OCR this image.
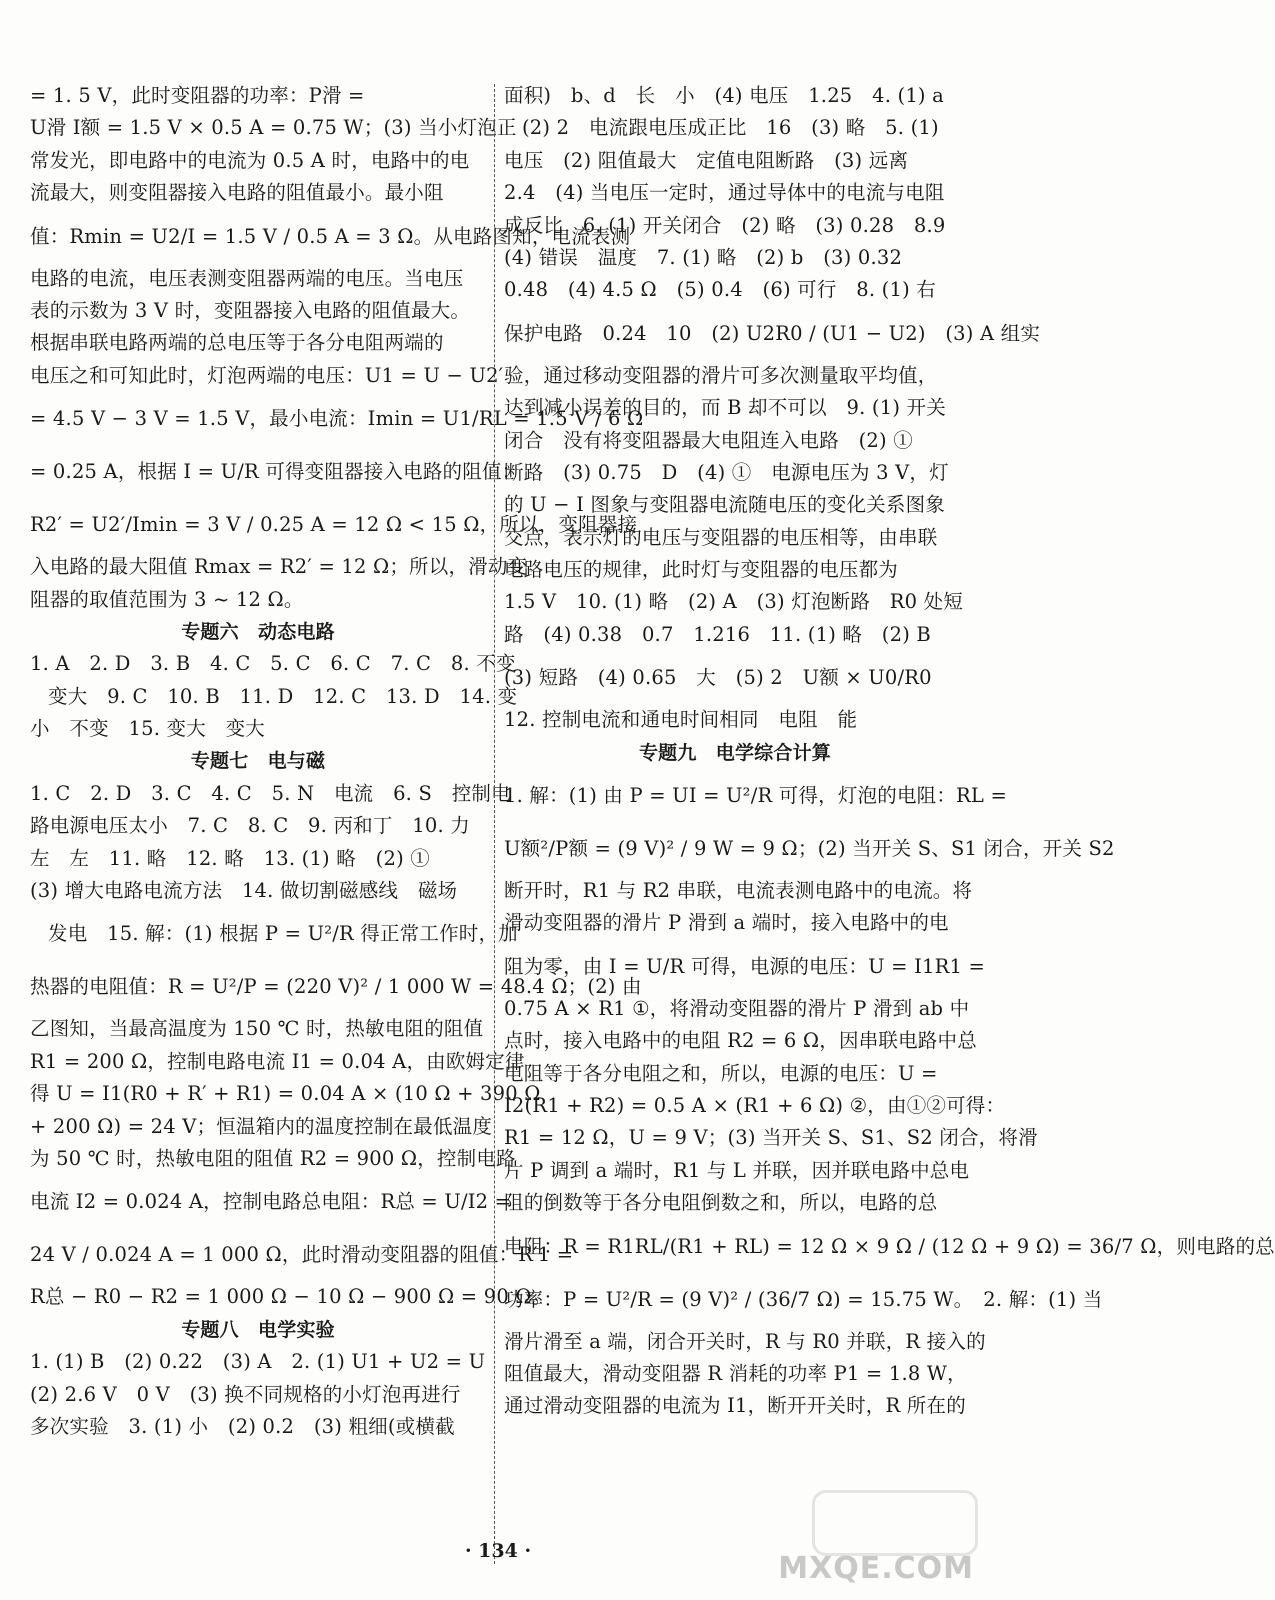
= 1. 5 V，此时变阻器的功率：P滑 =
U滑 I额 = 1.5 V × 0.5 A = 0.75 W；(3) 当小灯泡正
常发光，即电路中的电流为 0.5 A 时，电路中的电
流最大，则变阻器接入电路的阻值最小。最小阻
值：Rmin = U2/I = 1.5 V / 0.5 A = 3 Ω。从电路图知，电流表测
电路的电流，电压表测变阻器两端的电压。当电压
表的示数为 3 V 时，变阻器接入电路的阻值最大。
根据串联电路两端的总电压等于各分电阻两端的
电压之和可知此时，灯泡两端的电压：U1 = U − U2′
= 4.5 V − 3 V = 1.5 V，最小电流：Imin = U1/RL = 1.5 V / 6 Ω
= 0.25 A，根据 I = U/R 可得变阻器接入电路的阻值：
R2′ = U2′/Imin = 3 V / 0.25 A = 12 Ω < 15 Ω，所以，变阻器接
入电路的最大阻值 Rmax = R2′ = 12 Ω；所以，滑动变
阻器的取值范围为 3 ~ 12 Ω。
专题六　动态电路
1. A　2. D　3. B　4. C　5. C　6. C　7. C　8. 不变
变大　9. C　10. B　11. D　12. C　13. D　14. 变
小　不变　15. 变大　变大
专题七　电与磁
1. C　2. D　3. C　4. C　5. N　电流　6. S　控制电
路电源电压太小　7. C　8. C　9. 丙和丁　10. 力
左　左　11. 略　12. 略　13. (1) 略　(2) ①
(3) 增大电路电流方法　14. 做切割磁感线　磁场
发电　15. 解：(1) 根据 P = U²/R 得正常工作时，加
热器的电阻值：R = U²/P = (220 V)² / 1 000 W = 48.4 Ω；(2) 由
乙图知，当最高温度为 150 ℃ 时，热敏电阻的阻值
R1 = 200 Ω，控制电路电流 I1 = 0.04 A，由欧姆定律
得 U = I1(R0 + R′ + R1) = 0.04 A × (10 Ω + 390 Ω
+ 200 Ω) = 24 V；恒温箱内的温度控制在最低温度
为 50 ℃ 时，热敏电阻的阻值 R2 = 900 Ω，控制电路
电流 I2 = 0.024 A，控制电路总电阻：R总 = U/I2 =
24 V / 0.024 A = 1 000 Ω，此时滑动变阻器的阻值：R′1 =
R总 − R0 − R2 = 1 000 Ω − 10 Ω − 900 Ω = 90 Ω。
专题八　电学实验
1. (1) B　(2) 0.22　(3) A　2. (1) U1 + U2 = U
(2) 2.6 V　0 V　(3) 换不同规格的小灯泡再进行
多次实验　3. (1) 小　(2) 0.2　(3) 粗细(或横截
面积)　b、d　长　小　(4) 电压　1.25　4. (1) a
(2) 2　电流跟电压成正比　16　(3) 略　5. (1)
电压　(2) 阻值最大　定值电阻断路　(3) 远离
2.4　(4) 当电压一定时，通过导体中的电流与电阻
成反比　6. (1) 开关闭合　(2) 略　(3) 0.28　8.9
(4) 错误　温度　7. (1) 略　(2) b　(3) 0.32
0.48　(4) 4.5 Ω　(5) 0.4　(6) 可行　8. (1) 右
保护电路　0.24　10　(2) U2R0 / (U1 − U2)　(3) A 组实
验，通过移动变阻器的滑片可多次测量取平均值，
达到减小误差的目的，而 B 却不可以　9. (1) 开关
闭合　没有将变阻器最大电阻连入电路　(2) ①
断路　(3) 0.75　D　(4) ①　电源电压为 3 V，灯
的 U − I 图象与变阻器电流随电压的变化关系图象
交点，表示灯的电压与变阻器的电压相等，由串联
电路电压的规律，此时灯与变阻器的电压都为
1.5 V　10. (1) 略　(2) A　(3) 灯泡断路　R0 处短
路　(4) 0.38　0.7　1.216　11. (1) 略　(2) B
(3) 短路　(4) 0.65　大　(5) 2　U额 × U0/R0
12. 控制电流和通电时间相同　电阻　能
专题九　电学综合计算
1. 解：(1) 由 P = UI = U²/R 可得，灯泡的电阻：RL =
U额²/P额 = (9 V)² / 9 W = 9 Ω；(2) 当开关 S、S1 闭合，开关 S2
断开时，R1 与 R2 串联，电流表测电路中的电流。将
滑动变阻器的滑片 P 滑到 a 端时，接入电路中的电
阻为零，由 I = U/R 可得，电源的电压：U = I1R1 =
0.75 A × R1 ①，将滑动变阻器的滑片 P 滑到 ab 中
点时，接入电路中的电阻 R2 = 6 Ω，因串联电路中总
电阻等于各分电阻之和，所以，电源的电压：U =
I2(R1 + R2) = 0.5 A × (R1 + 6 Ω) ②，由①②可得：
R1 = 12 Ω，U = 9 V；(3) 当开关 S、S1、S2 闭合，将滑
片 P 调到 a 端时，R1 与 L 并联，因并联电路中总电
阻的倒数等于各分电阻倒数之和，所以，电路的总
电阻：R = R1RL/(R1 + RL) = 12 Ω × 9 Ω / (12 Ω + 9 Ω) = 36/7 Ω，则电路的总
功率：P = U²/R = (9 V)² / (36/7 Ω) = 15.75 W。　2. 解：(1) 当
滑片滑至 a 端，闭合开关时，R 与 R0 并联，R 接入的
阻值最大，滑动变阻器 R 消耗的功率 P1 = 1.8 W，
通过滑动变阻器的电流为 I1，断开开关时，R 所在的
· 134 ·	MXQE.COM
